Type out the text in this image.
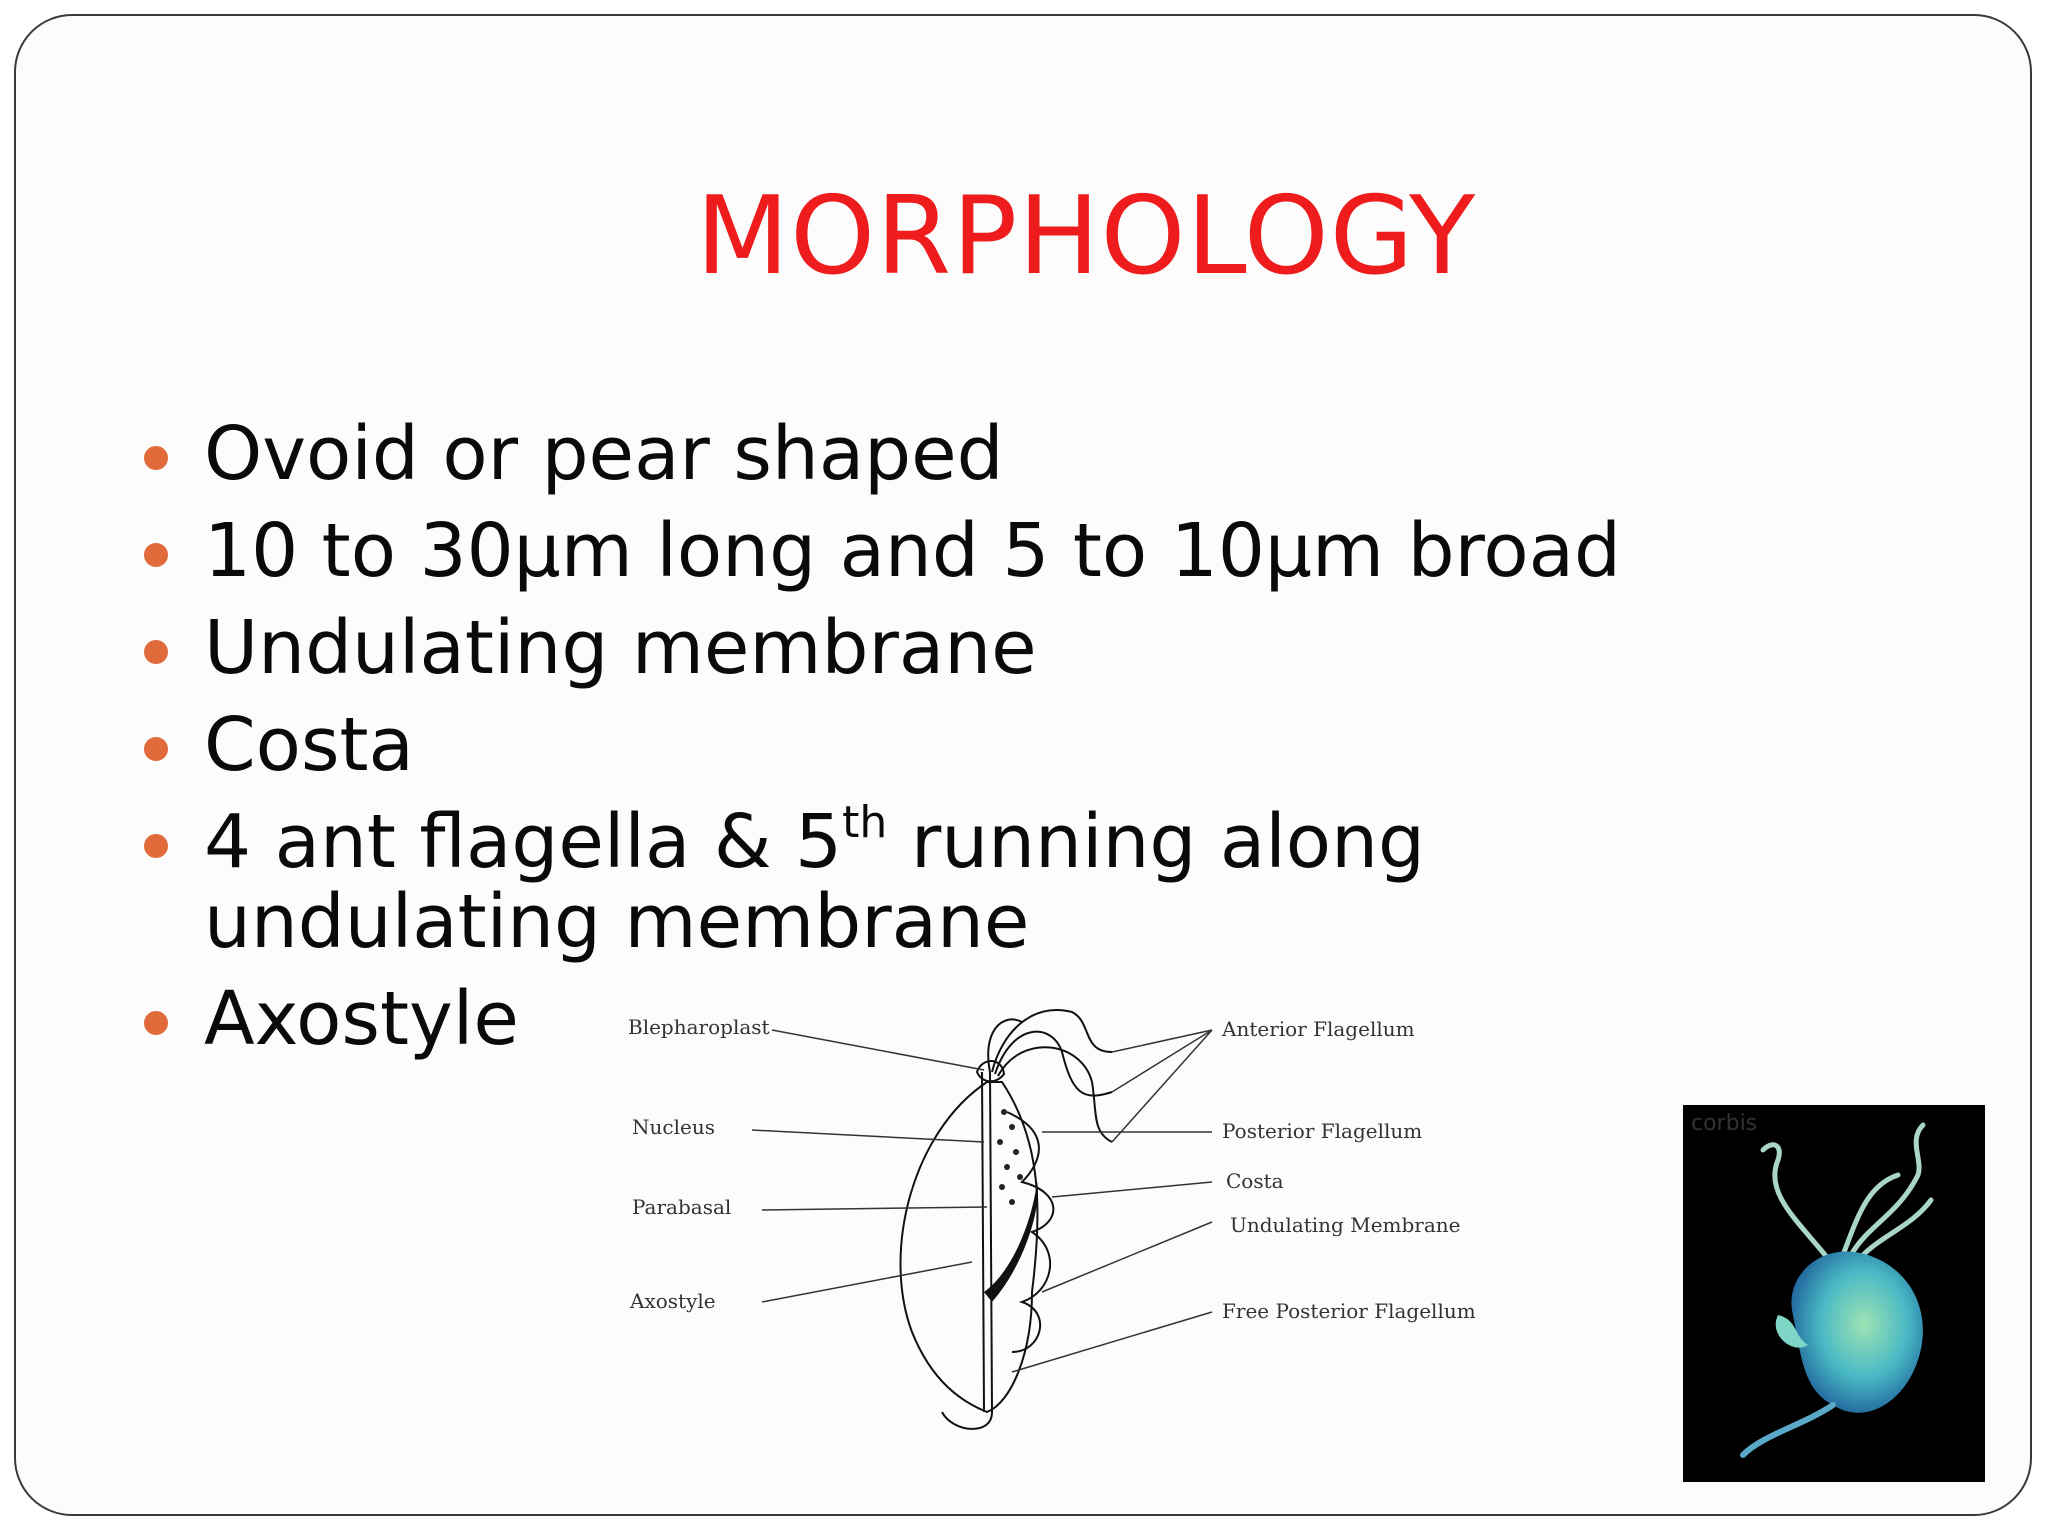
MORPHOLOGY
Ovoid or pear shaped
10 to 30μm long and 5 to 10μm broad
Undulating membrane
Costa
4 ant flagella & 5th running along undulating membrane
Axostyle	Blepharoplast
Nucleus
Parabasal
Axostyle
Anterior Flagellum
Posterior Flagellum
Costa
Undulating Membrane
Free Posterior Flagellum
corbis
